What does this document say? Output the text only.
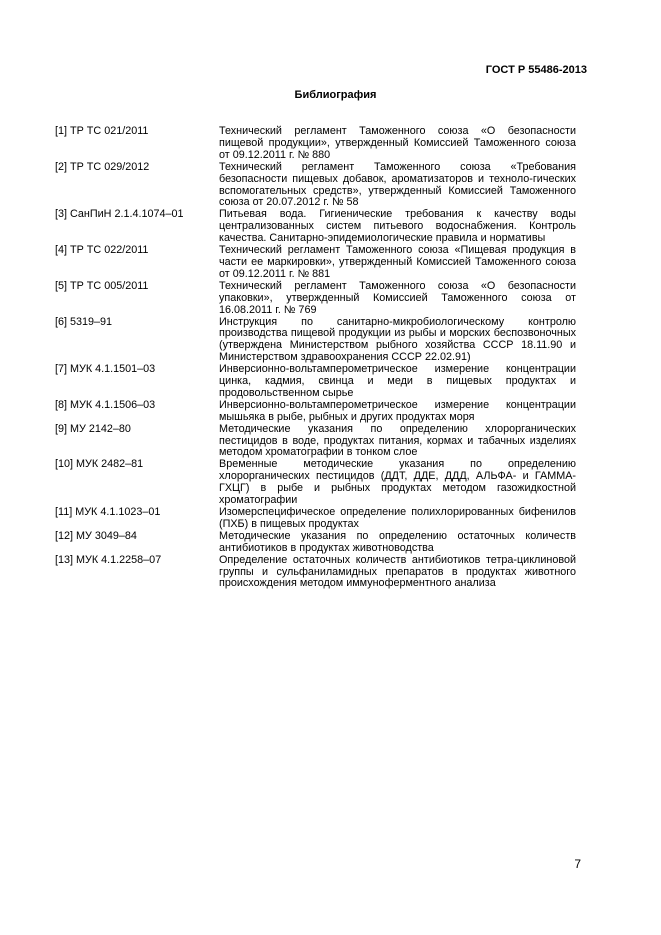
ГОСТ Р 55486-2013
Библиография
[1] ТР ТС 021/2011	Технический регламент Таможенного союза «О безопасности пищевой продукции», утвержденный Комиссией Таможенного союза от 09.12.2011 г. № 880
[2] ТР ТС 029/2012	Технический регламент Таможенного союза «Требования безопасности пищевых добавок, ароматизаторов и техноло-гических вспомогательных средств», утвержденный Комиссией Таможенного союза от 20.07.2012 г. № 58
[3] СанПиН 2.1.4.1074–01	Питьевая вода. Гигиенические требования к качеству воды централизованных систем питьевого водоснабжения. Контроль качества. Санитарно-эпидемиологические правила и нормативы
[4] ТР ТС 022/2011	Технический регламент Таможенного союза «Пищевая продукция в части ее маркировки», утвержденный Комиссией Таможенного союза от 09.12.2011 г. № 881
[5] ТР ТС 005/2011	Технический регламент Таможенного союза «О безопасности упаковки», утвержденный Комиссией Таможенного союза от 16.08.2011 г. № 769
[6] 5319–91	Инструкция по санитарно-микробиологическому контролю производства пищевой продукции из рыбы и морских беспозвоночных (утверждена Министерством рыбного хозяйства СССР 18.11.90 и Министерством здравоохранения СССР 22.02.91)
[7] МУК 4.1.1501–03	Инверсионно-вольтамперометрическое измерение концентрации цинка, кадмия, свинца и меди в пищевых продуктах и продовольственном сырье
[8] МУК 4.1.1506–03	Инверсионно-вольтамперометрическое измерение концентрации мышьяка в рыбе, рыбных и других продуктах моря
[9] МУ 2142–80	Методические указания по определению хлорорганических пестицидов в воде, продуктах питания, кормах и табачных изделиях методом хроматографии в тонком слое
[10] МУК 2482–81	Временные методические указания по определению хлорорганических пестицидов (ДДТ, ДДЕ, ДДД, АЛЬФА- и ГАММА-ГХЦГ) в рыбе и рыбных продуктах методом газожидкостной хроматографии
[11] МУК 4.1.1023–01	Изомерспецифическое определение полихлорированных бифенилов (ПХБ) в пищевых продуктах
[12] МУ 3049–84	Методические указания по определению остаточных количеств антибиотиков в продуктах животноводства
[13] МУК 4.1.2258–07	Определение остаточных количеств антибиотиков тетра-циклиновой группы и сульфаниламидных препаратов в продуктах животного происхождения методом иммуноферментного анализа
7
